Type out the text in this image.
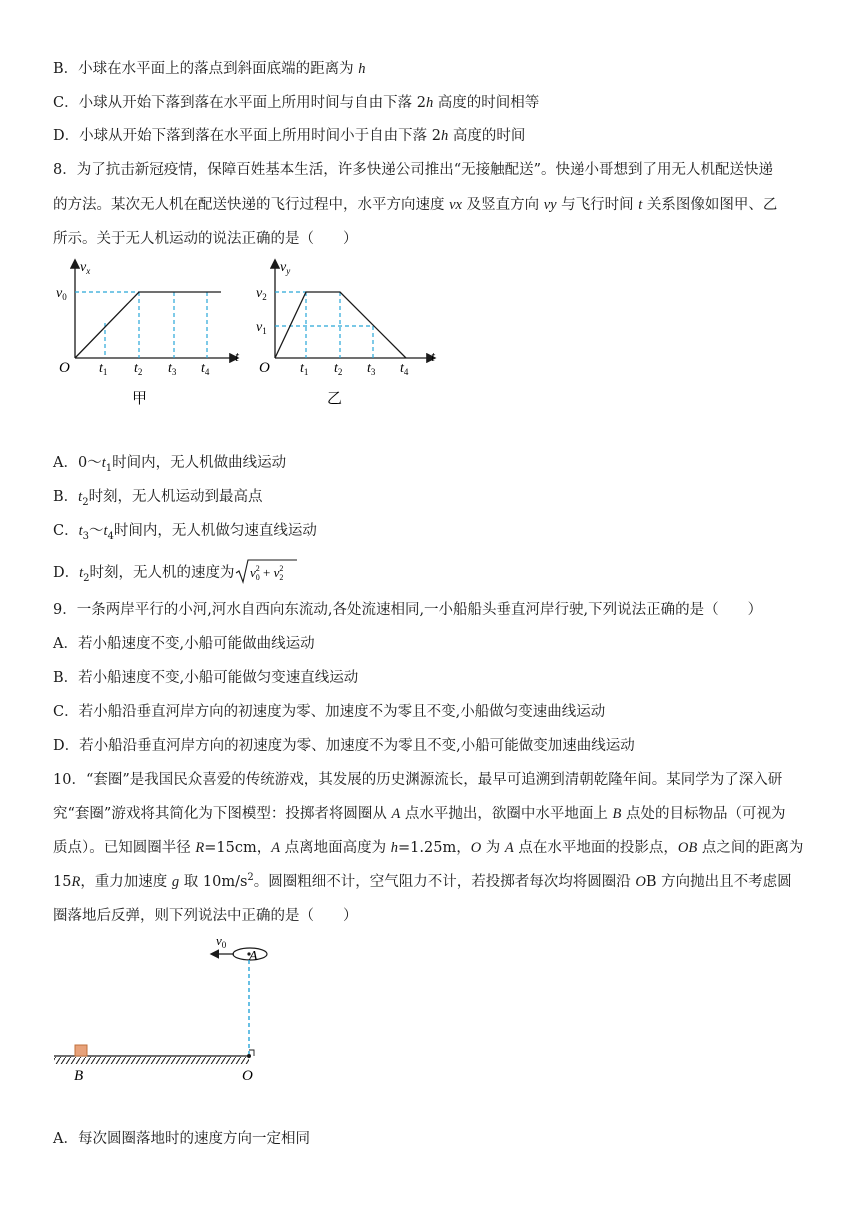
B．小球在水平面上的落点到斜面底端的距离为 h
C．小球从开始下落到落在水平面上所用时间与自由下落 2h 高度的时间相等
D．小球从开始下落到落在水平面上所用时间小于自由下落 2h 高度的时间
8．为了抗击新冠疫情，保障百姓基本生活，许多快递公司推出“无接触配送”。快递小哥想到了用无人机配送快递
的方法。某次无人机在配送快递的飞行过程中，水平方向速度 vx 及竖直方向 vy 与飞行时间 t 关系图像如图甲、乙
所示。关于无人机运动的说法正确的是（　　）
$v_x$
$v_0$
O $t_1$ $t_2$ $t_3$ $t_4$
t
甲
$v_y$
$v_2$
$v_1$
O $t_1$ $t_2$ $t_3$ $t_4$
t
乙
A．$0\sim t_1$时间内，无人机做曲线运动
B．$t_2$时刻，无人机运动到最高点
C．$t_3\sim t_4$时间内，无人机做匀速直线运动
D．$t_2$时刻，无人机的速度为 $v_02 + v_22$
9．一条两岸平行的小河,河水自西向东流动,各处流速相同,一小船船头垂直河岸行驶,下列说法正确的是（　　）
A．若小船速度不变,小船可能做曲线运动
B．若小船速度不变,小船可能做匀变速直线运动
C．若小船沿垂直河岸方向的初速度为零、加速度不为零且不变,小船做匀变速曲线运动
D．若小船沿垂直河岸方向的初速度为零、加速度不为零且不变,小船可能做变加速曲线运动
10．“套圈”是我国民众喜爱的传统游戏，其发展的历史渊源流长，最早可追溯到清朝乾隆年间。某同学为了深入研
究“套圈”游戏将其简化为下图模型：投掷者将圆圈从 A 点水平抛出，欲圈中水平地面上 B 点处的目标物品（可视为
质点）。已知圆圈半径 R=15cm，A 点离地面高度为 h=1.25m，O 为 A 点在水平地面的投影点，OB 点之间的距离为
15R，重力加速度 g 取 $10m/s^2$。圆圈粗细不计，空气阻力不计，若投掷者每次均将圆圈沿 OB 方向抛出且不考虑圆
圈落地后反弹，则下列说法中正确的是（　　）
$v_0$
A
B	O
A．每次圆圈落地时的速度方向一定相同
